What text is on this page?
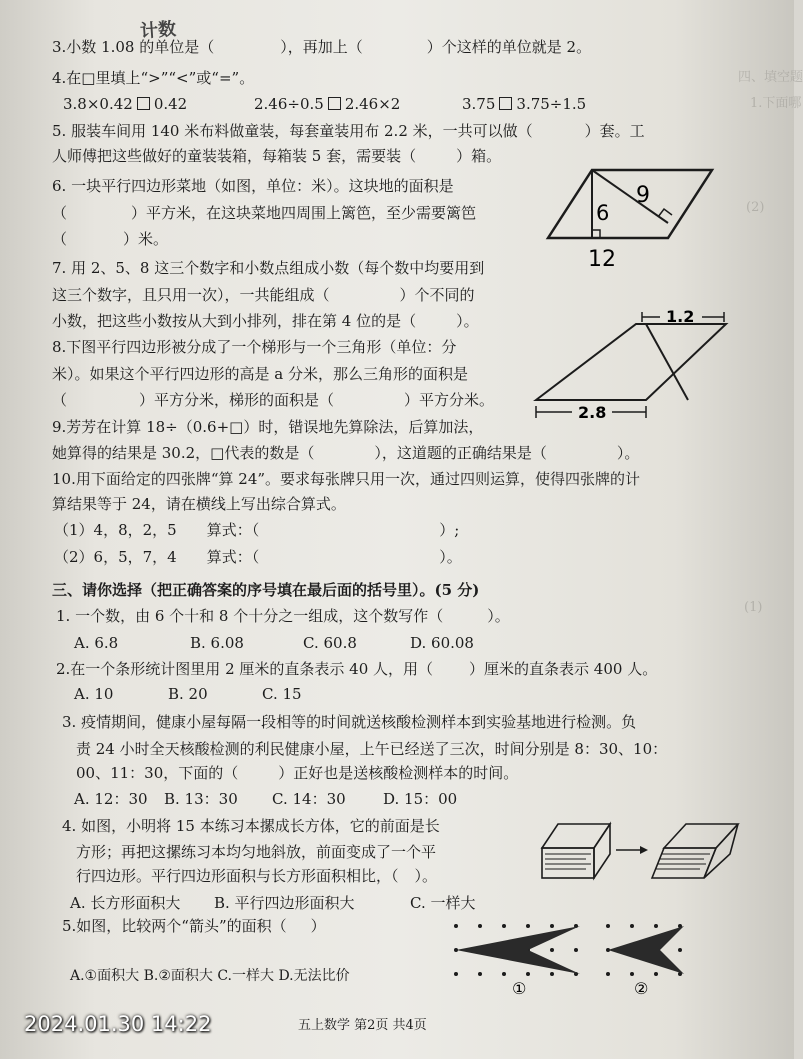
计数
四、填空题
1.下面哪
(2)
(1)
3.小数 1.08 的单位是（	），再加上（	）个这样的单位就是 2。
4.在□里填上“>”“<”或“=”。
3.8×0.42 0.42	2.46÷0.5 2.46×2	3.75 3.75÷1.5
5. 服装车间用 140 米布料做童装，每套童装用布 2.2 米，一共可以做（	）套。工
人师傅把这些做好的童装装箱，每箱装 5 套，需要装（	）箱。
6. 一块平行四边形菜地（如图，单位：米）。这块地的面积是
（	）平方米，在这块菜地四周围上篱笆，至少需要篱笆
（	）米。
9
6
12
7. 用 2、5、8 这三个数字和小数点组成小数（每个数中均要用到
这三个数字，且只用一次），一共能组成（	）个不同的
小数，把这些小数按从大到小排列，排在第 4 位的是（	）。
8.下图平行四边形被分成了一个梯形与一个三角形（单位：分
米）。如果这个平行四边形的高是 a 分米，那么三角形的面积是
（	）平方分米，梯形的面积是（	）平方分米。
1.2
2.8
9.芳芳在计算 18÷（0.6+□）时，错误地先算除法，后算加法，
她算得的结果是 30.2，□代表的数是（	），这道题的正确结果是（	）。
10.用下面给定的四张牌“算 24”。要求每张牌只用一次，通过四则运算，使得四张牌的计
算结果等于 24，请在横线上写出综合算式。
（1）4，8，2，5 算式：（	）;
（2）6，5，7，4 算式：（	）。
三、请你选择（把正确答案的序号填在最后面的括号里）。(5 分)
1. 一个数，由 6 个十和 8 个十分之一组成，这个数写作（	）。
A. 6.8	B. 6.08	C. 60.8	D. 60.08
2.在一个条形统计图里用 2 厘米的直条表示 40 人，用（ ）厘米的直条表示 400 人。
A. 10	B. 20	C. 15
3. 疫情期间，健康小屋每隔一段相等的时间就送核酸检测样本到实验基地进行检测。负
责 24 小时全天核酸检测的利民健康小屋，上午已经送了三次，时间分别是 8：30、10：
00、11：30，下面的（	）正好也是送核酸检测样本的时间。
A. 12：30 B. 13：30 C. 14：30 D. 15：00
4. 如图，小明将 15 本练习本摞成长方体，它的前面是长
方形；再把这摞练习本均匀地斜放，前面变成了一个平
行四边形。平行四边形面积与长方形面积相比，（ ）。
A. 长方形面积大 B. 平行四边形面积大	C. 一样大
5.如图，比较两个“箭头”的面积（ ）
A.①面积大 B.②面积大 C.一样大 D.无法比价
①	②
五上数学 第2页 共4页
2024.01.30 14:22
